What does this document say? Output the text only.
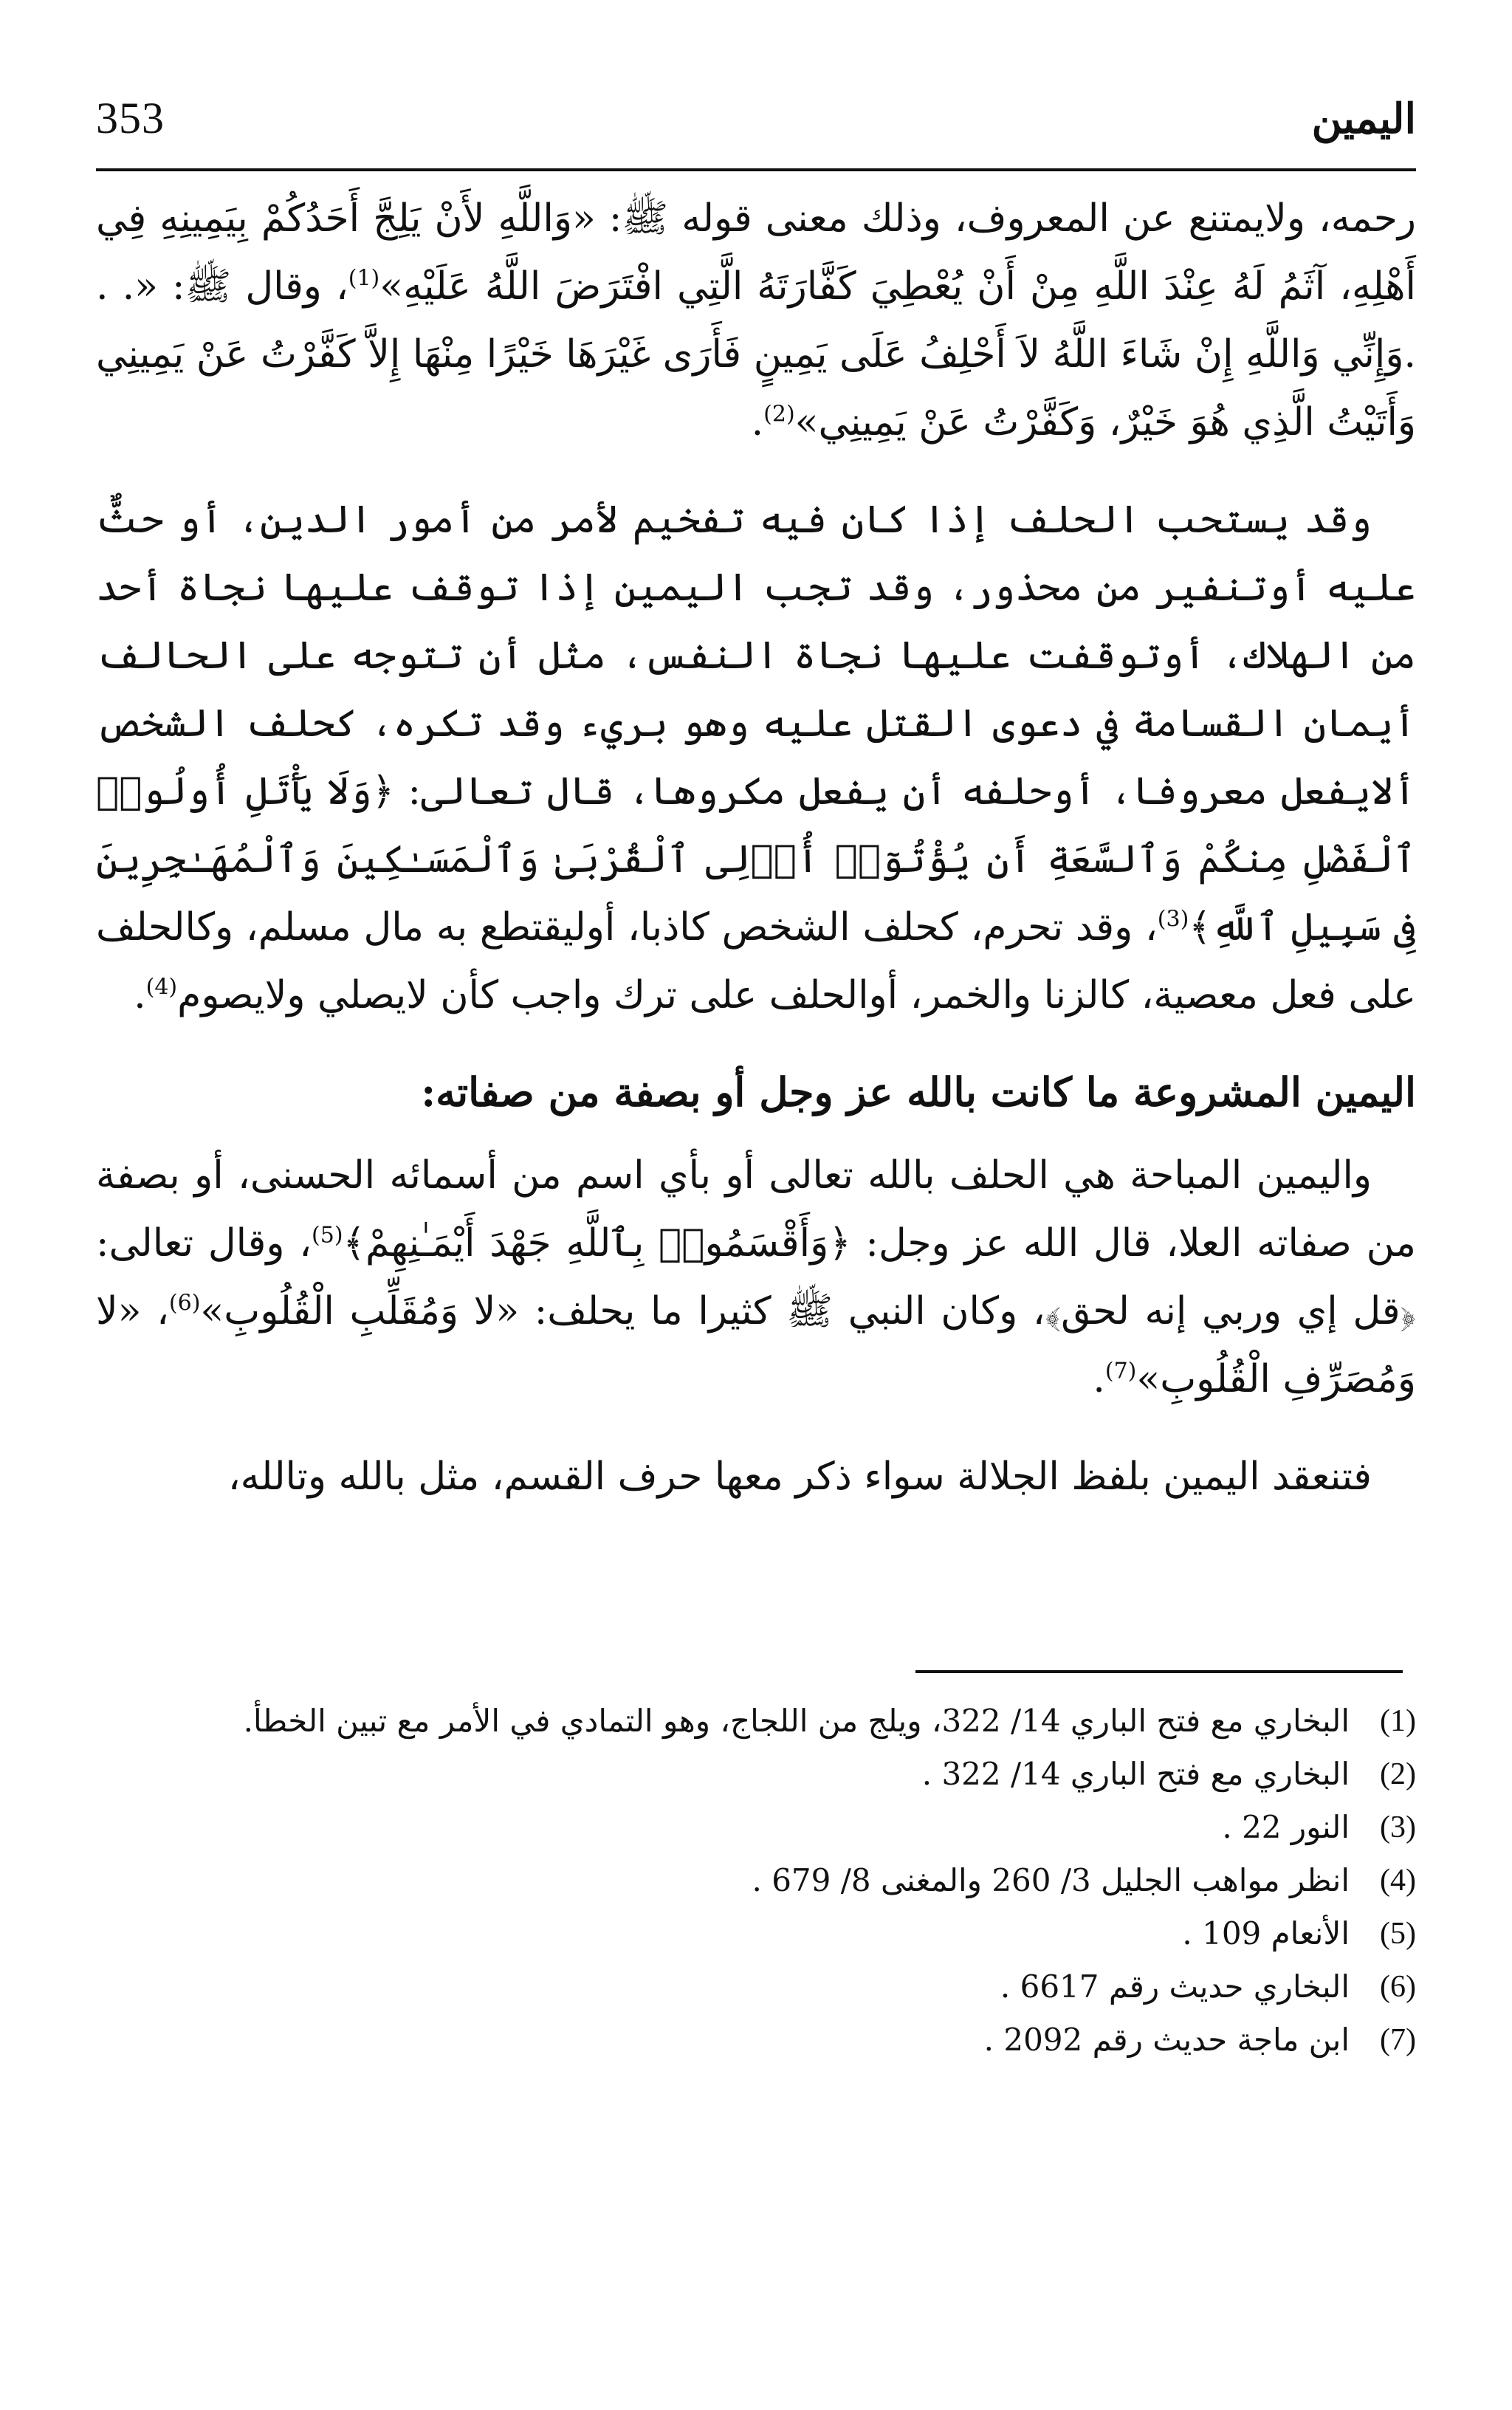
353	اليمين

رحمه، ولايمتنع عن المعروف، وذلك معنى قوله ﷺ: «وَاللَّهِ لأَنْ يَلِجَّ أَحَدُكُمْ بِيَمِينِهِ فِي أَهْلِهِ، آثَمُ لَهُ عِنْدَ اللَّهِ مِنْ أَنْ يُعْطِيَ كَفَّارَتَهُ الَّتِي افْتَرَضَ اللَّهُ عَلَيْهِ»$^{(1)}$، وقال ﷺ: «. . .وَإِنِّي وَاللَّهِ إِنْ شَاءَ اللَّهُ لاَ أَحْلِفُ عَلَى يَمِينٍ فَأَرَى غَيْرَهَا خَيْرًا مِنْهَا إِلاَّ كَفَّرْتُ عَنْ يَمِينِي وَأَتَيْتُ الَّذِي هُوَ خَيْرٌ، وَكَفَّرْتُ عَنْ يَمِينِي»$^{(2)}$.

وقد يستحب الحلف إذا كان فيه تفخيم لأمر من أمور الدين، أو حثٌّ عليه أوتنفير من محذور، وقد تجب اليمين إذا توقف عليها نجاة أحد من الهلاك، أوتوقفت عليها نجاة النفس، مثل أن تتوجه على الحالف أيمان القسامة في دعوى القتل عليه وهو بريء وقد تكره، كحلف الشخص ألايفعل معروفا، أوحلفه أن يفعل مكروها، قال تعالى: ﴿وَلَا يَأْتَلِ أُولُوا۟ ٱلْفَضْلِ مِنكُمْ وَٱلسَّعَةِ أَن يُؤْتُوٓا۟ أُو۟لِى ٱلْقُرْبَىٰ وَٱلْمَسَـٰكِينَ وَٱلْمُهَـٰجِرِينَ فِى سَبِيلِ ٱللَّهِ﴾$^{(3)}$، وقد تحرم، كحلف الشخص كاذبا، أوليقتطع به مال مسلم، وكالحلف على فعل معصية، كالزنا والخمر، أوالحلف على ترك واجب كأن لايصلي ولايصوم$^{(4)}$.

اليمين المشروعة ما كانت بالله عز وجل أو بصفة من صفاته:

واليمين المباحة هي الحلف بالله تعالى أو بأي اسم من أسمائه الحسنى، أو بصفة من صفاته العلا، قال الله عز وجل: ﴿وَأَقْسَمُوا۟ بِٱللَّهِ جَهْدَ أَيْمَـٰنِهِمْ﴾$^{(5)}$، وقال تعالى: ﴿قل إي وربي إنه لحق﴾، وكان النبي ﷺ كثيرا ما يحلف: «لا وَمُقَلِّبِ الْقُلُوبِ»$^{(6)}$، «لا وَمُصَرِّفِ الْقُلُوبِ»$^{(7)}$.

فتنعقد اليمين بلفظ الجلالة سواء ذكر معها حرف القسم، مثل بالله وتالله،

(1)
البخاري مع فتح الباري 14/ 322، ويلج من اللجاج، وهو التمادي في الأمر مع تبين الخطأ.
(2)
البخاري مع فتح الباري 14/ 322 .
(3)
النور 22 .
(4)
انظر مواهب الجليل 3/ 260 والمغنى 8/ 679 .
(5)
الأنعام 109 .
(6)
البخاري حديث رقم 6617 .
(7)
ابن ماجة حديث رقم 2092 .
